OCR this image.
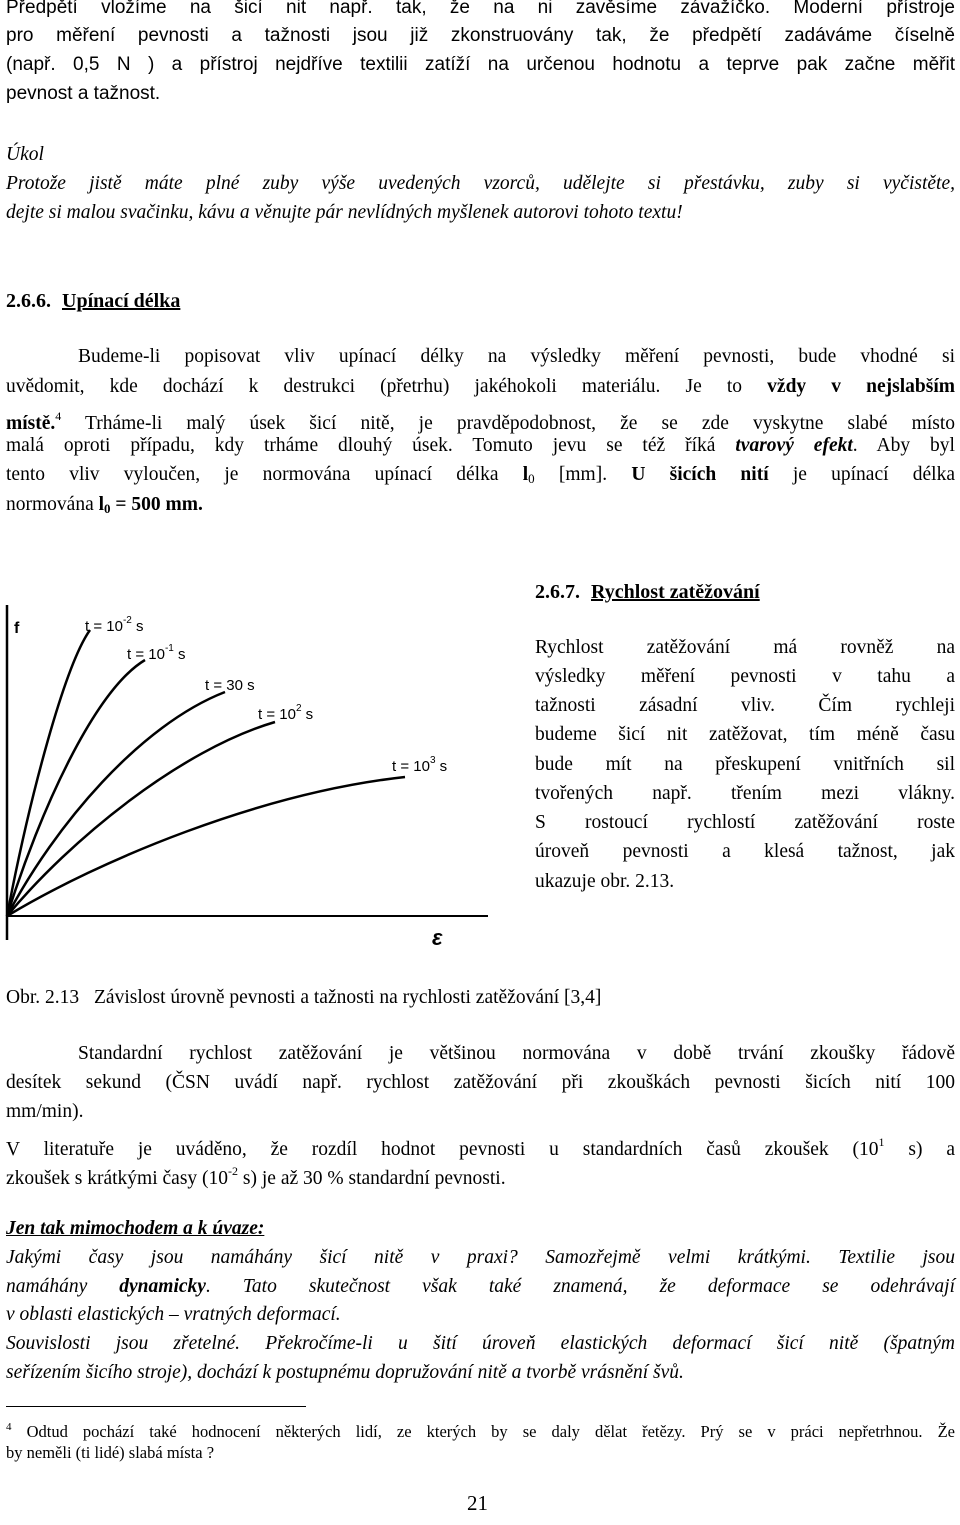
Předpětí vložíme na šicí nit např. tak, že na ni zavěsíme závažíčko. Moderní přístroje
pro měření pevnosti a tažnosti jsou již zkonstruovány tak, že předpětí zadáváme číselně
(např. 0,5 N ) a přístroj nejdříve textilii zatíží na určenou hodnotu a teprve pak začne měřit
pevnost a tažnost.
Úkol
Protože jistě máte plné zuby výše uvedených vzorců, udělejte si přestávku, zuby si vyčistěte,
dejte si malou svačinku, kávu a věnujte pár nevlídných myšlenek autorovi tohoto textu!
2.6.6. Upínací délka
Budeme-li popisovat vliv upínací délky na výsledky měření pevnosti, bude vhodné si
uvědomit, kde dochází k destrukci (přetrhu) jakéhokoli materiálu. Je to vždy v nejslabším
místě.$^4$ Trháme-li malý úsek šicí nitě, je pravděpodobnost, že se zde vyskytne slabé místo
malá oproti případu, kdy trháme dlouhý úsek. Tomuto jevu se též říká tvarový efekt. Aby byl
tento vliv vyloučen, je normována upínací délka $l_0$ [mm]. U šicích nití je upínací délka
normována $l_0 = 500$ mm.
f
ε
$t = 10^{-2}$ s
$t = 10^{-1}$ s
t = 30 s
$t = 10^2$ s
$t = 10^3$ s
2.6.7. Rychlost zatěžování
Rychlost zatěžování má rovněž na
výsledky měření pevnosti v tahu a
tažnosti zásadní vliv. Čím rychleji
budeme šicí nit zatěžovat, tím méně času
bude mít na přeskupení vnitřních sil
tvořených např. třením mezi vlákny.
S rostoucí rychlostí zatěžování roste
úroveň pevnosti a klesá tažnost, jak
ukazuje obr. 2.13.
Obr. 2.13 Závislost úrovně pevnosti a tažnosti na rychlosti zatěžování [3,4]
Standardní rychlost zatěžování je většinou normována v době trvání zkoušky řádově
desítek sekund (ČSN uvádí např. rychlost zatěžování při zkouškách pevnosti šicích nití 100
mm/min).
V literatuře je uváděno, že rozdíl hodnot pevnosti u standardních časů zkoušek ($10^1$ s) a
zkoušek s krátkými časy ($10^{-2}$ s) je až 30 % standardní pevnosti.
Jen tak mimochodem a k úvaze:
Jakými časy jsou namáhány šicí nitě v praxi? Samozřejmě velmi krátkými. Textilie jsou
namáhány dynamicky. Tato skutečnost však také znamená, že deformace se odehrávají
v oblasti elastických – vratných deformací.
Souvislosti jsou zřetelné. Překročíme-li u šití úroveň elastických deformací šicí nitě (špatným
seřízením šicího stroje), dochází k postupnému dopružování nitě a tvorbě vrásnění švů.
$^4$ Odtud pochází také hodnocení některých lidí, ze kterých by se daly dělat řetězy. Prý se v práci nepřetrhnou. Že
by neměli (ti lidé) slabá místa ?
21
